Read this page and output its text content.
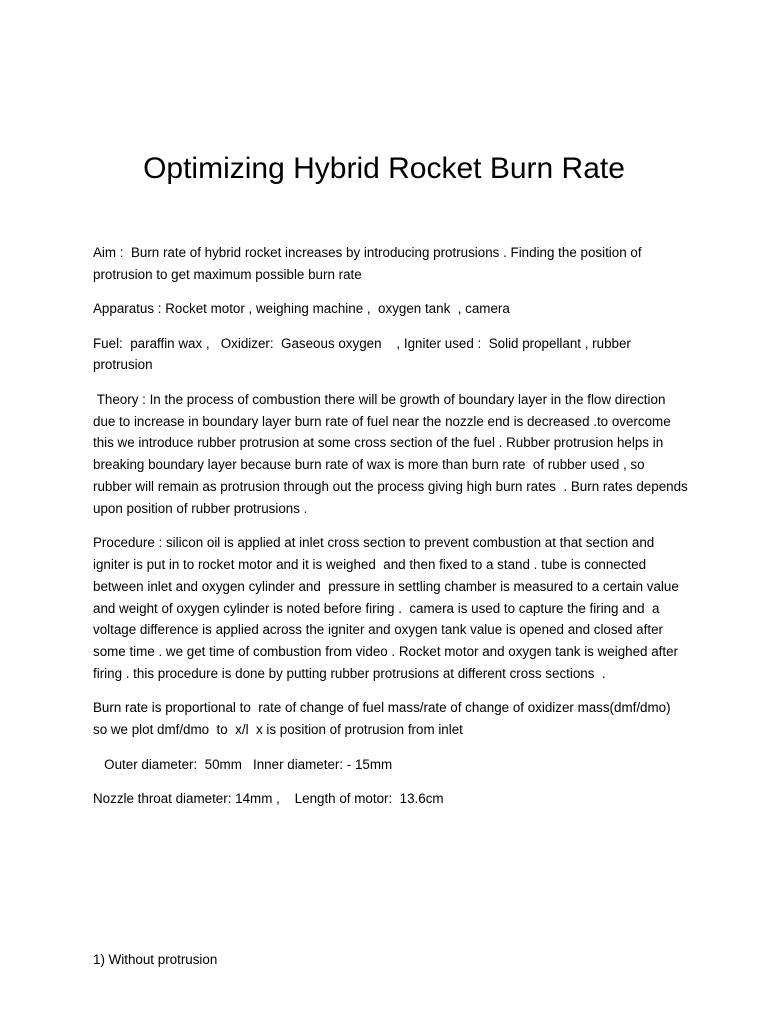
Optimizing Hybrid Rocket Burn Rate

Aim :  Burn rate of hybrid rocket increases by introducing protrusions . Finding the position of protrusion to get maximum possible burn rate

Apparatus : Rocket motor , weighing machine ,  oxygen tank  , camera

Fuel:  paraffin wax ,   Oxidizer:  Gaseous oxygen    , Igniter used :  Solid propellant , rubber protrusion

Theory : In the process of combustion there will be growth of boundary layer in the flow direction due to increase in boundary layer burn rate of fuel near the nozzle end is decreased .to overcome this we introduce rubber protrusion at some cross section of the fuel . Rubber protrusion helps in breaking boundary layer because burn rate of wax is more than burn rate  of rubber used , so  rubber will remain as protrusion through out the process giving high burn rates  . Burn rates depends upon position of rubber protrusions .

Procedure : silicon oil is applied at inlet cross section to prevent combustion at that section and igniter is put in to rocket motor and it is weighed  and then fixed to a stand . tube is connected between inlet and oxygen cylinder and  pressure in settling chamber is measured to a certain value and weight of oxygen cylinder is noted before firing .  camera is used to capture the firing and  a voltage difference is applied across the igniter and oxygen tank value is opened and closed after some time . we get time of combustion from video . Rocket motor and oxygen tank is weighed after firing . this procedure is done by putting rubber protrusions at different cross sections  .

Burn rate is proportional to  rate of change of fuel mass/rate of change of oxidizer mass(dmf/dmo)   so we plot dmf/dmo  to  x/l  x is position of protrusion from inlet

Outer diameter:  50mm   Inner diameter: - 15mm

Nozzle throat diameter: 14mm ,    Length of motor:  13.6cm

1) Without protrusion
